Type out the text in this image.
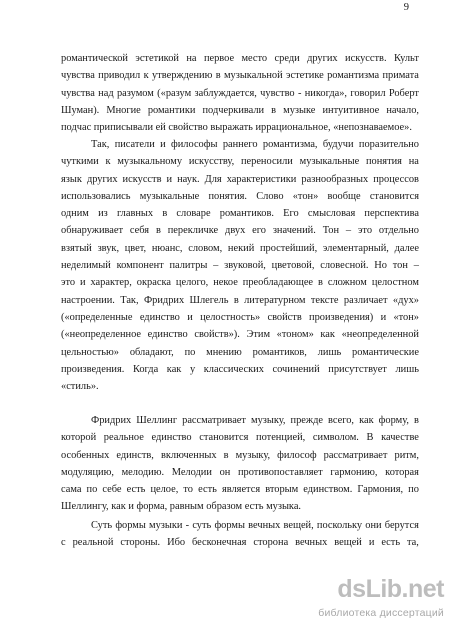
9
романтической эстетикой на первое место среди других искусств. Культ
чувства приводил к утверждению в музыкальной эстетике романтизма примата
чувства над разумом («разум заблуждается, чувство - никогда», говорил Роберт
Шуман). Многие романтики подчеркивали в музыке интуитивное начало,
подчас приписывали ей свойство выражать иррациональное, «непознаваемое».
Так, писатели и философы раннего романтизма, будучи поразительно
чуткими к музыкальному искусству, переносили музыкальные понятия на
язык других искусств и наук. Для характеристики разнообразных процессов
использовались музыкальные понятия. Слово «тон» вообще становится
одним из главных в словаре романтиков. Его смысловая перспектива
обнаруживает себя в перекличке двух его значений. Тон – это отдельно
взятый звук, цвет, нюанс, словом, некий простейший, элементарный, далее
неделимый компонент палитры – звуковой, цветовой, словесной. Но тон –
это и характер, окраска целого, некое преобладающее в сложном целостном
настроении. Так, Фридрих Шлегель в литературном тексте различает «дух»
(«определенные единство и целостность» свойств произведения) и «тон»
(«неопределенное единство свойств»). Этим «тоном» как «неопределенной
цельностью» обладают, по мнению романтиков, лишь романтические
произведения. Когда как у классических сочинений присутствует лишь
«стиль».
Фридрих Шеллинг рассматривает музыку, прежде всего, как форму, в
которой реальное единство становится потенцией, символом. В качестве
особенных единств, включенных в музыку, философ рассматривает ритм,
модуляцию, мелодию. Мелодии он противопоставляет гармонию, которая
сама по себе есть целое, то есть является вторым единством. Гармония, по
Шеллингу, как и форма, равным образом есть музыка.
Суть формы музыки - суть формы вечных вещей, поскольку они берутся
с реальной стороны. Ибо бесконечная сторона вечных вещей и есть та,
dsLib.net
библиотека диссертаций
